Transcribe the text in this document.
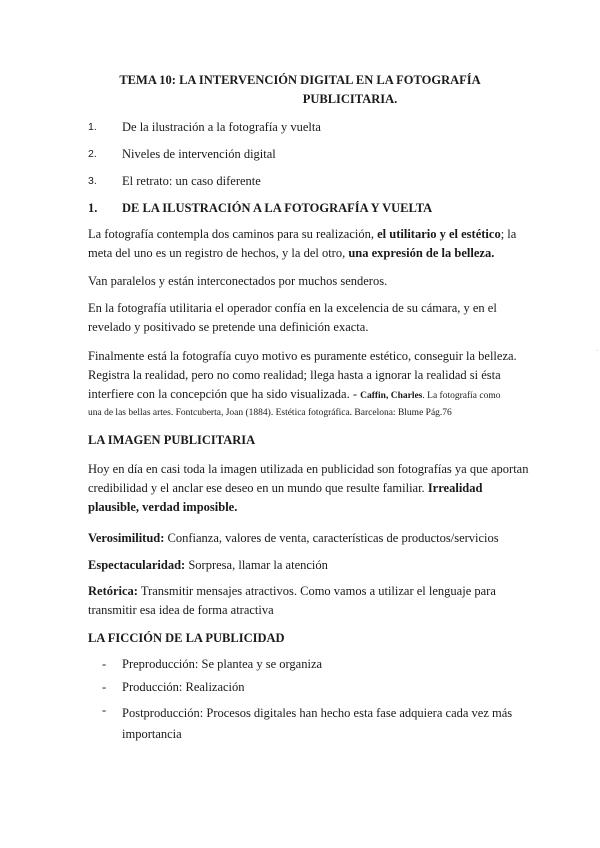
TEMA 10: LA INTERVENCIÓN DIGITAL EN LA FOTOGRAFÍA
PUBLICITARIA.
1. De la ilustración a la fotografía y vuelta
2. Niveles de intervención digital
3. El retrato: un caso diferente
1. DE LA ILUSTRACIÓN A LA FOTOGRAFÍA Y VUELTA
La fotografía contempla dos caminos para su realización, el utilitario y el estético; la
meta del uno es un registro de hechos, y la del otro, una expresión de la belleza.
Van paralelos y están interconectados por muchos senderos.
En la fotografía utilitaria el operador confía en la excelencia de su cámara, y en el
revelado y positivado se pretende una definición exacta.
Finalmente está la fotografía cuyo motivo es puramente estético, conseguir la belleza.
Registra la realidad, pero no como realidad; llega hasta a ignorar la realidad si ésta
interfiere con la concepción que ha sido visualizada. - Caffin, Charles. La fotografía como
una de las bellas artes. Fontcuberta, Joan (1884). Estética fotográfica. Barcelona: Blume Pág.76
LA IMAGEN PUBLICITARIA
Hoy en día en casi toda la imagen utilizada en publicidad son fotografías ya que aportan
credibilidad y el anclar ese deseo en un mundo que resulte familiar. Irrealidad
plausible, verdad imposible.
Verosimilitud: Confianza, valores de venta, características de productos/servicios
Espectacularidad: Sorpresa, llamar la atención
Retórica: Transmitir mensajes atractivos. Como vamos a utilizar el lenguaje para
transmitir esa idea de forma atractiva
LA FICCIÓN DE LA PUBLICIDAD
- Preproducción: Se plantea y se organiza
- Producción: Realización
- Postproducción: Procesos digitales han hecho esta fase adquiera cada vez más
importancia
·
